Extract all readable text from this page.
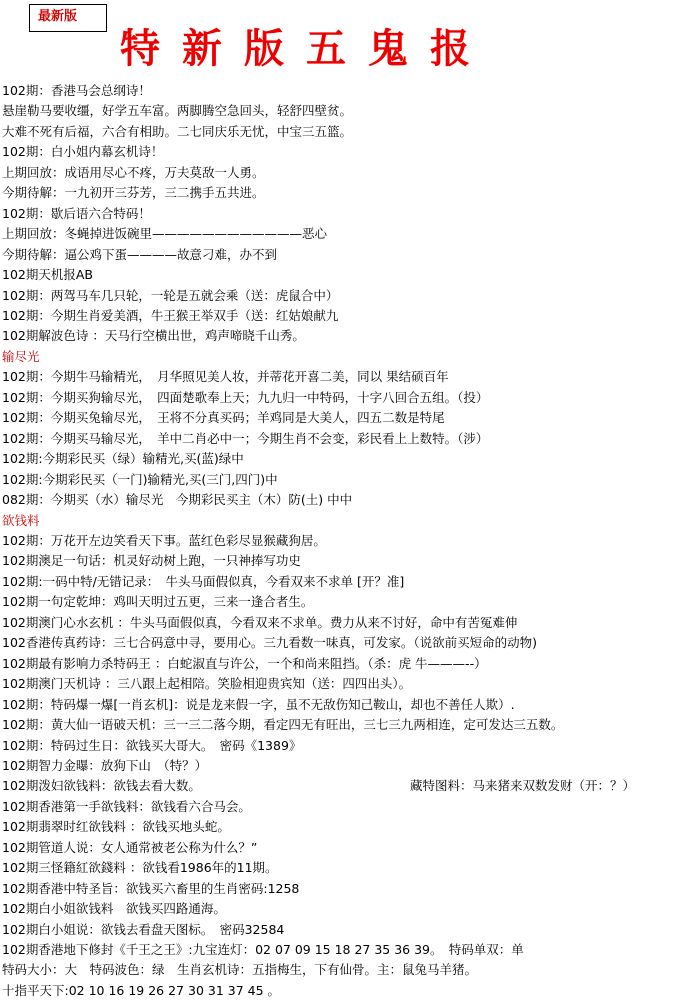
最新版
特新版五鬼报
102期：香港马会总纲诗！
悬崖勒马要收缰，好学五车富。两脚腾空急回头，轻舒四壁贫。
大难不死有后福，六合有相助。二七同庆乐无忧，中宝三五篮。
102期：白小姐内幕玄机诗！
上期回放：成语用尽心不疼，万夫莫敌一人勇。
今期待解：一九初开三芬芳，三二携手五共进。
102期：歇后语六合特码！
上期回放：冬蝇掉进饭碗里————————————恶心
今期待解：逼公鸡下蛋————故意刁难，办不到
102期天机报AB
102期：两驾马车几只轮，一轮是五就会乘（送：虎鼠合中）
102期：今期生肖爱美酒，牛王猴王举双手（送：红姑娘献九
102期解波色诗 ：天马行空横出世，鸡声啼晓千山秀。
输尽光
102期：今期牛马输精光，　月华照见美人妆，并蒂花开喜二美，同以 果结硕百年
102期：今期买狗输尽光，　四面楚歌奉上天；九九归一中特码，十字八回合五组。（投）
102期：今期买兔输尽光，　王将不分真买码；羊鸡同是大美人，四五二数是特尾
102期：今期买马输尽光，　羊中二肖必中一；今期生肖不会变，彩民看上上数特。（涉）
102期:今期彩民买（绿）输精光,买(蓝)绿中
102期:今期彩民买（一门)输精光,买(三门,四门)中
082期：今期买（水）输尽光　今期彩民买主（木）防(土) 中中
欲钱料
102期：万花开左边笑看天下事。蓝红色彩尽显猴藏狗居。
102期澳足一句话：机灵好动树上跑，一只神捧写功史
102期:一码中特/无错记录：　牛头马面假似真，今看双来不求单 [开？准]
102期一句定乾坤：鸡叫天明过五更，三来一逢合者生。
102期澳门心水玄机 ：牛头马面假似真，今看双来不求单。费力从来不讨好，命中有苦冤难伸
102香港传真药诗：三七合码意中寻，要用心。三九看数一味真，可发家。（说欲前买短命的动物)
102期最有影响力杀特码王 ：白蛇淑直与许公，一个和尚来阻挡。（杀：虎 牛———--）
102期澳门天机诗 ：三八跟上起相陪。笑脸相迎贵宾知（送：四四出头）。
102期：特码爆一爆[一肖玄机]：说是龙来假一字，虽不无敌伤知己鞍山，却也不善任人欺）.
102期：黄大仙一语破天机：三一三二落今期，看定四无有旺出，三七三九两相连，定可发达三五数。
102期：特码过生日：欲钱买大哥大。　密码《1389》
102期智力金曝：放狗下山　（特？）
102期泼妇欲钱料：欲钱去看大数。	藏特图料：马来猪来双数发财（开：？）
102期香港第一手欲钱料：欲钱看六合马会。
102期翡翠时红欲钱料 ：欲钱买地头蛇。
102期管道人说：女人通常被老公称为什么？”
102期三怪籍紅欲錢料 ：欲钱看1986年的11期。
102期香港中特圣旨：欲钱买六畜里的生肖密码:1258
102期白小姐欲钱料　欲钱买四路通海。
102期白小姐说：欲钱去看盘天图标。　密码32584
102期香港地下修封《千王之王》:九宝连灯：02 07 09 15 18 27 35 36 39。　特码单双：单
特码大小：大　特码波色：绿　生肖玄机诗：五指梅生，下有仙骨。主：鼠兔马羊猪。
十指平天下:02 10 16 19 26 27 30 31 37 45 。
